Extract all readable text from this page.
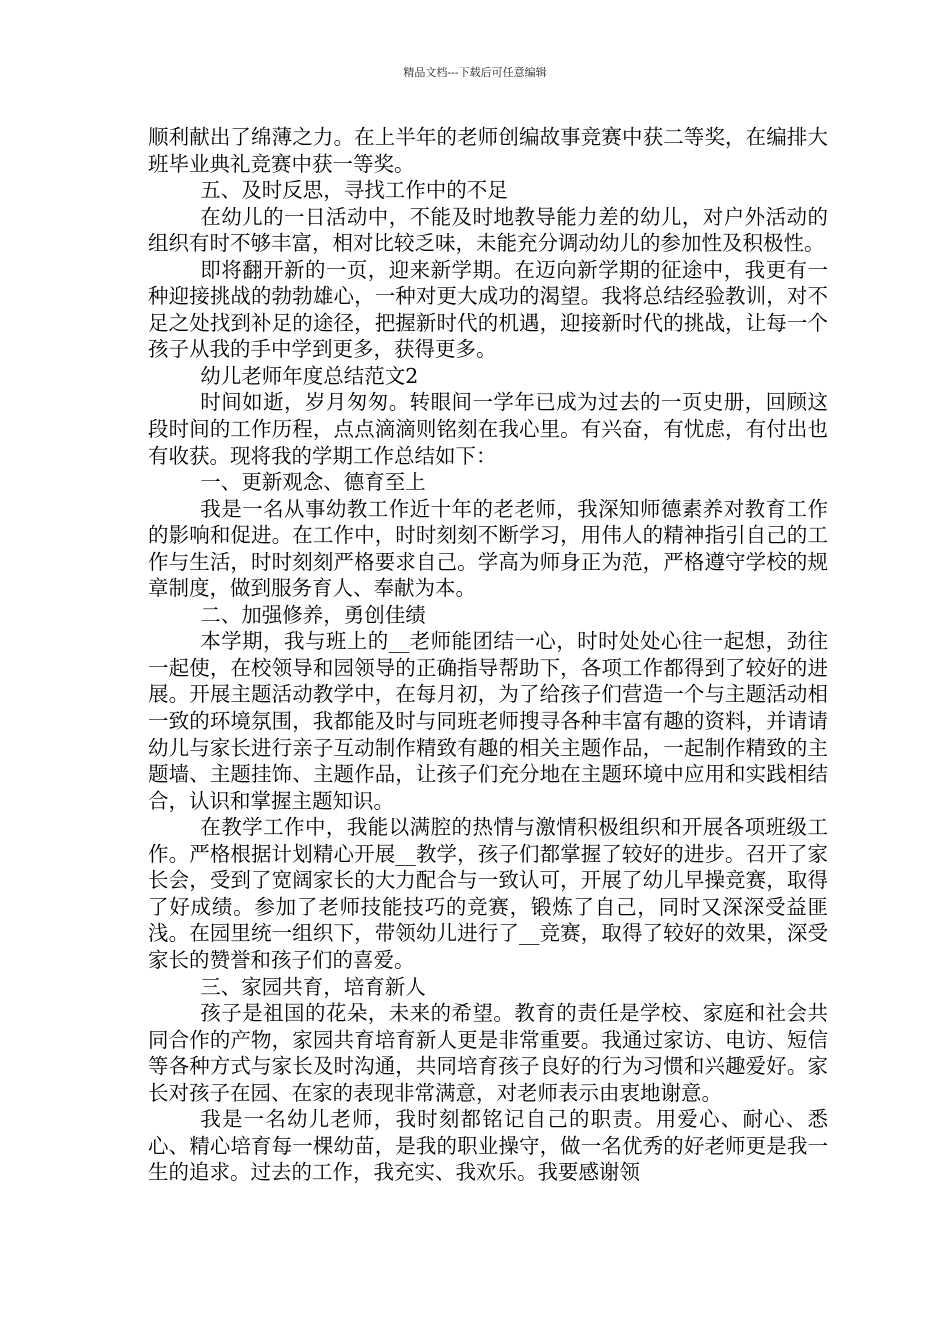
精品文档---下载后可任意编辑

顺利献出了绵薄之力。在上半年的老师创编故事竞赛中获二等奖，在编排大班毕业典礼竞赛中获一等奖。

五、及时反思，寻找工作中的不足

在幼儿的一日活动中，不能及时地教导能力差的幼儿，对户外活动的组织有时不够丰富，相对比较乏味，未能充分调动幼儿的参加性及积极性。

即将翻开新的一页，迎来新学期。在迈向新学期的征途中，我更有一种迎接挑战的勃勃雄心，一种对更大成功的渴望。我将总结经验教训，对不足之处找到补足的途径，把握新时代的机遇，迎接新时代的挑战，让每一个孩子从我的手中学到更多，获得更多。

幼儿老师年度总结范文2

时间如逝，岁月匆匆。转眼间一学年已成为过去的一页史册，回顾这段时间的工作历程，点点滴滴则铭刻在我心里。有兴奋，有忧虑，有付出也有收获。现将我的学期工作总结如下：

一、更新观念、德育至上

我是一名从事幼教工作近十年的老老师，我深知师德素养对教育工作的影响和促进。在工作中，时时刻刻不断学习，用伟人的精神指引自己的工作与生活，时时刻刻严格要求自己。学高为师身正为范，严格遵守学校的规章制度，做到服务育人、奉献为本。

二、加强修养，勇创佳绩

本学期，我与班上的__老师能团结一心，时时处处心往一起想，劲往一起使，在校领导和园领导的正确指导帮助下，各项工作都得到了较好的进展。开展主题活动教学中，在每月初，为了给孩子们营造一个与主题活动相一致的环境氛围，我都能及时与同班老师搜寻各种丰富有趣的资料，并请请幼儿与家长进行亲子互动制作精致有趣的相关主题作品，一起制作精致的主题墙、主题挂饰、主题作品，让孩子们充分地在主题环境中应用和实践相结合，认识和掌握主题知识。

在教学工作中，我能以满腔的热情与激情积极组织和开展各项班级工作。严格根据计划精心开展__教学，孩子们都掌握了较好的进步。召开了家长会，受到了宽阔家长的大力配合与一致认可，开展了幼儿早操竞赛，取得了好成绩。参加了老师技能技巧的竞赛，锻炼了自己，同时又深深受益匪浅。在园里统一组织下，带领幼儿进行了__竞赛，取得了较好的效果，深受家长的赞誉和孩子们的喜爱。

三、家园共育，培育新人

孩子是祖国的花朵，未来的希望。教育的责任是学校、家庭和社会共同合作的产物，家园共育培育新人更是非常重要。我通过家访、电访、短信等各种方式与家长及时沟通，共同培育孩子良好的行为习惯和兴趣爱好。家长对孩子在园、在家的表现非常满意，对老师表示由衷地谢意。

我是一名幼儿老师，我时刻都铭记自己的职责。用爱心、耐心、悉心、精心培育每一棵幼苗，是我的职业操守，做一名优秀的好老师更是我一生的追求。过去的工作，我充实、我欢乐。我要感谢领
